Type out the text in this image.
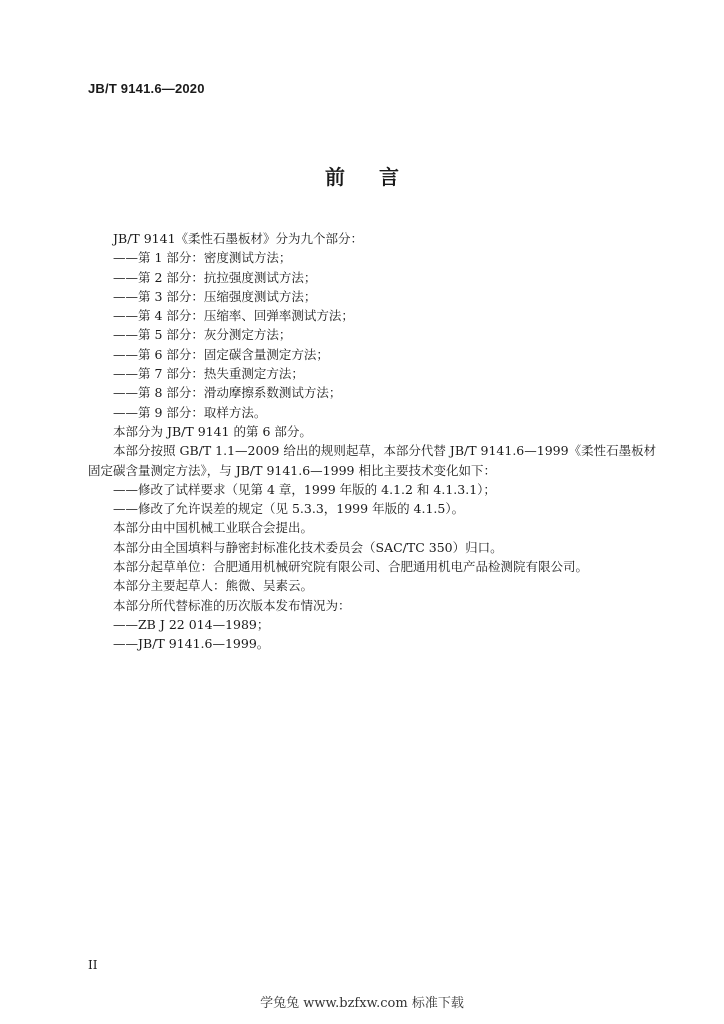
JB/T 9141.6—2020
前言
JB/T 9141《柔性石墨板材》分为九个部分：
——第 1 部分：密度测试方法；
——第 2 部分：抗拉强度测试方法；
——第 3 部分：压缩强度测试方法；
——第 4 部分：压缩率、回弹率测试方法；
——第 5 部分：灰分测定方法；
——第 6 部分：固定碳含量测定方法；
——第 7 部分：热失重测定方法；
——第 8 部分：滑动摩擦系数测试方法；
——第 9 部分：取样方法。
本部分为 JB/T 9141 的第 6 部分。
本部分按照 GB/T 1.1—2009 给出的规则起草，本部分代替 JB/T 9141.6—1999《柔性石墨板材　固定碳含量测定方法》，与 JB/T 9141.6—1999 相比主要技术变化如下：
——修改了试样要求（见第 4 章，1999 年版的 4.1.2 和 4.1.3.1）；
——修改了允许误差的规定（见 5.3.3，1999 年版的 4.1.5）。
本部分由中国机械工业联合会提出。
本部分由全国填料与静密封标准化技术委员会（SAC/TC 350）归口。
本部分起草单位：合肥通用机械研究院有限公司、合肥通用机电产品检测院有限公司。
本部分主要起草人：熊微、吴素云。
本部分所代替标准的历次版本发布情况为：
——ZB J 22 014—1989；
——JB/T 9141.6—1999。
II
学兔兔 www.bzfxw.com 标准下载
